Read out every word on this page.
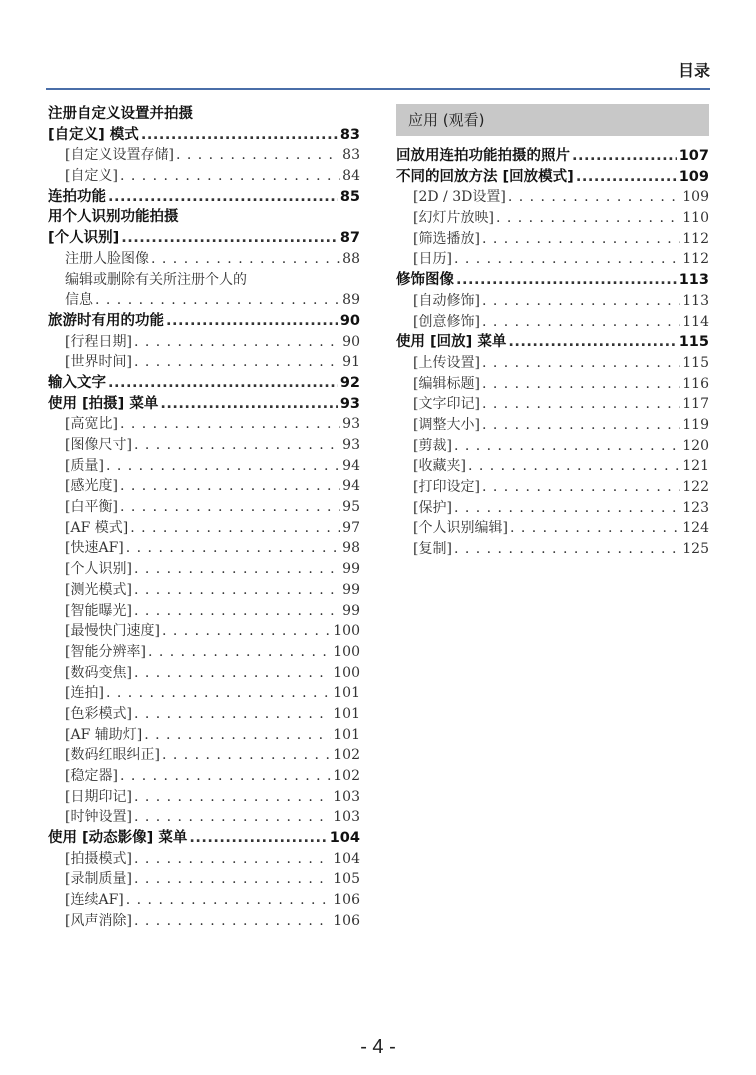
目录
注册自定义设置并拍摄
[自定义] 模式 .....	83
[自定义设置存储] . . .	83
[自定义] . . .	84
连拍功能 .....	85
用个人识别功能拍摄
[个人识别] .....	87
注册人脸图像 . . .	88
编辑或删除有关所注册个人的
信息 . . .	89
旅游时有用的功能 .....	90
[行程日期] . . .	90
[世界时间] . . .	91
输入文字 .....	92
使用 [拍摄] 菜单 .....	93
[高宽比] . . .	93
[图像尺寸] . . .	93
[质量] . . .	94
[感光度] . . .	94
[白平衡] . . .	95
[AF 模式] . . .	97
[快速AF] . . .	98
[个人识别] . . .	99
[测光模式] . . .	99
[智能曝光] . . .	99
[最慢快门速度] . . .	100
[智能分辨率] . . .	100
[数码变焦] . . .	100
[连拍] . . .	101
[色彩模式] . . .	101
[AF 辅助灯] . . .	101
[数码红眼纠正] . . .	102
[稳定器] . . .	102
[日期印记] . . .	103
[时钟设置] . . .	103
使用 [动态影像] 菜单 .....	104
[拍摄模式] . . .	104
[录制质量] . . .	105
[连续AF] . . .	106
[风声消除] . . .	106
应用 (观看)
回放用连拍功能拍摄的照片 .....	107
不同的回放方法 [回放模式] .....	109
[2D / 3D设置] . . .	109
[幻灯片放映] . . .	110
[筛选播放] . . .	112
[日历] . . .	112
修饰图像 .....	113
[自动修饰] . . .	113
[创意修饰] . . .	114
使用 [回放] 菜单 .....	115
[上传设置] . . .	115
[编辑标题] . . .	116
[文字印记] . . .	117
[调整大小] . . .	119
[剪裁] . . .	120
[收藏夹] . . .	121
[打印设定] . . .	122
[保护] . . .	123
[个人识别编辑] . . .	124
[复制] . . .	125
- 4 -
